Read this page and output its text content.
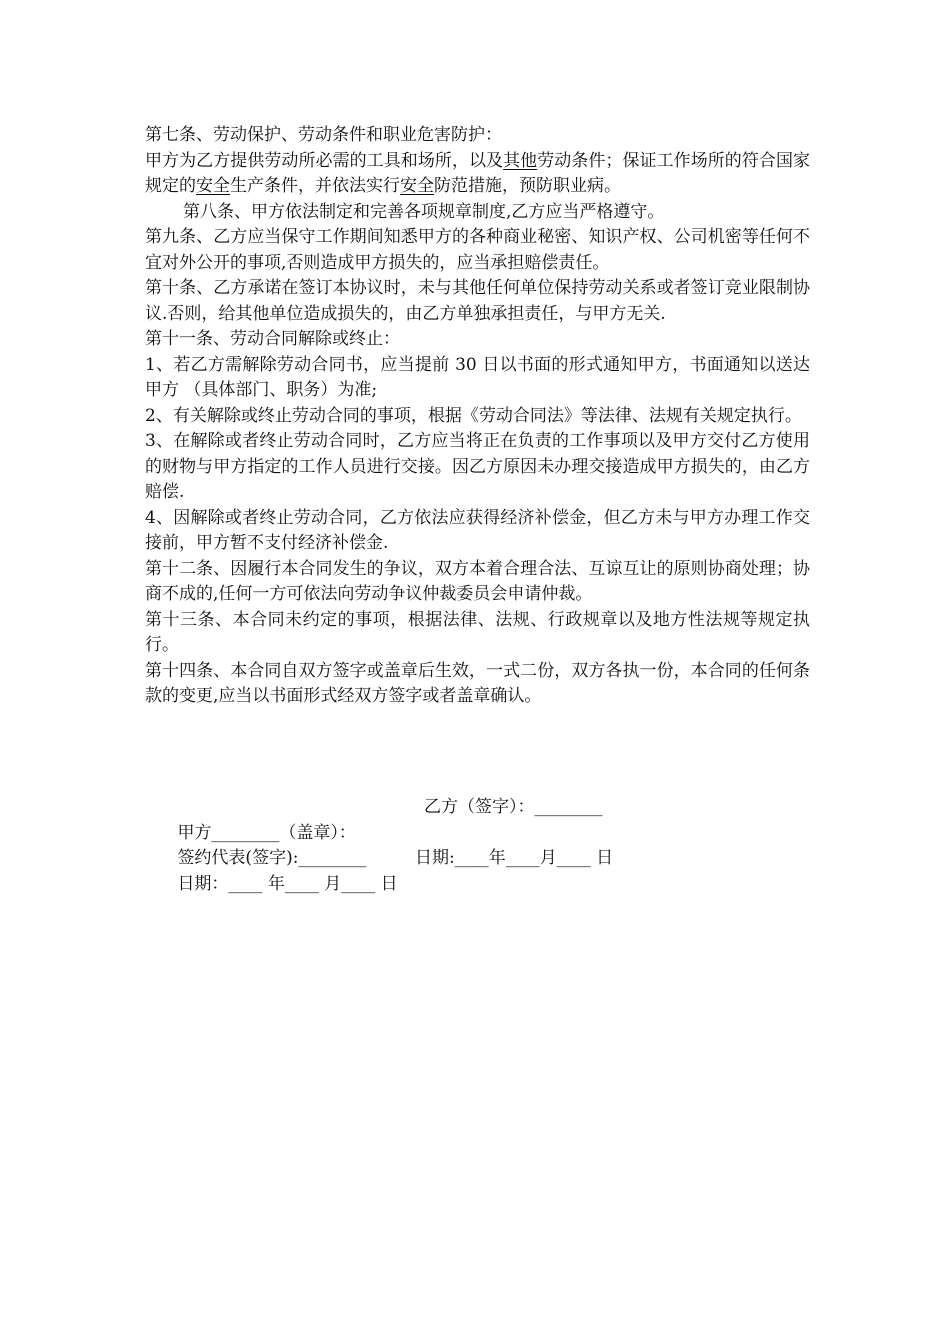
第七条、劳动保护、劳动条件和职业危害防护：

甲方为乙方提供劳动所必需的工具和场所，以及其他劳动条件；保证工作场所的符合国家规定的安全生产条件，并依法实行安全防范措施，预防职业病。

第八条、甲方依法制定和完善各项规章制度,乙方应当严格遵守。

第九条、乙方应当保守工作期间知悉甲方的各种商业秘密、知识产权、公司机密等任何不宜对外公开的事项,否则造成甲方损失的，应当承担赔偿责任。

第十条、乙方承诺在签订本协议时，未与其他任何单位保持劳动关系或者签订竞业限制协议.否则，给其他单位造成损失的，由乙方单独承担责任，与甲方无关.

第十一条、劳动合同解除或终止：

1、若乙方需解除劳动合同书，应当提前 30 日以书面的形式通知甲方，书面通知以送达甲方 （具体部门、职务）为准;

2、有关解除或终止劳动合同的事项，根据《劳动合同法》等法律、法规有关规定执行。

3、在解除或者终止劳动合同时，乙方应当将正在负责的工作事项以及甲方交付乙方使用的财物与甲方指定的工作人员进行交接。因乙方原因未办理交接造成甲方损失的，由乙方赔偿.

4、因解除或者终止劳动合同，乙方依法应获得经济补偿金，但乙方未与甲方办理工作交接前，甲方暂不支付经济补偿金.

第十二条、因履行本合同发生的争议，双方本着合理合法、互谅互让的原则协商处理；协商不成的,任何一方可依法向劳动争议仲裁委员会申请仲裁。

第十三条、本合同未约定的事项，根据法律、法规、行政规章以及地方性法规等规定执行。

第十四条、本合同自双方签字或盖章后生效，一式二份，双方各执一份，本合同的任何条款的变更,应当以书面形式经双方签字或者盖章确认。

甲方________（盖章）：

乙方（签字）：________

签约代表(签字):________

日期：____ 年____ 月____ 日

日期:____年____月____ 日
